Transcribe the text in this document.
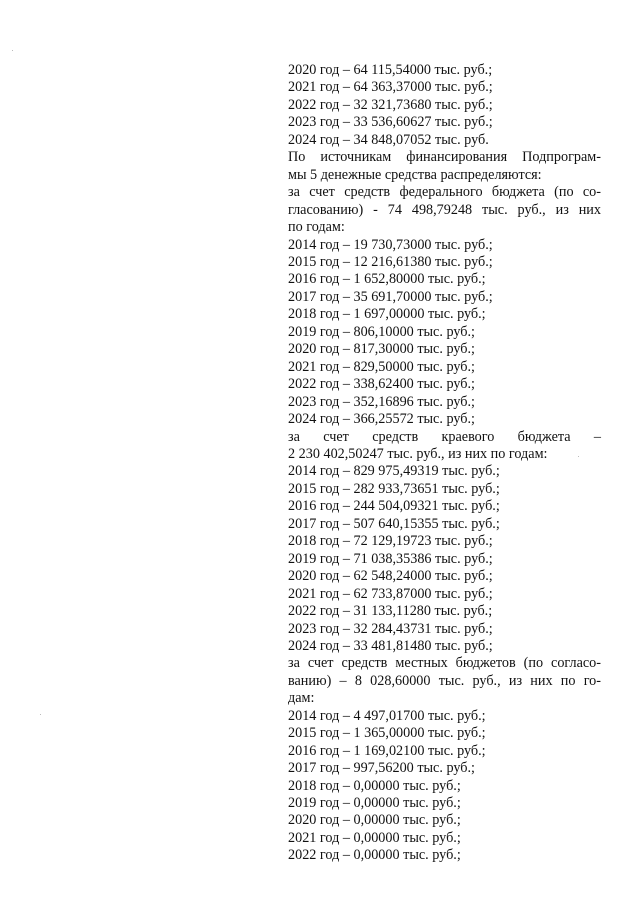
2020 год – 64 115,54000 тыс. руб.;
2021 год – 64 363,37000 тыс. руб.;
2022 год – 32 321,73680 тыс. руб.;
2023 год – 33 536,60627 тыс. руб.;
2024 год – 34 848,07052 тыс. руб.
По источникам финансирования Подпрограм-
мы 5 денежные средства распределяются:
за счет средств федерального бюджета (по со-
гласованию) - 74 498,79248 тыс. руб., из них
по годам:
2014 год – 19 730,73000 тыс. руб.;
2015 год – 12 216,61380 тыс. руб.;
2016 год – 1 652,80000 тыс. руб.;
2017 год – 35 691,70000 тыс. руб.;
2018 год – 1 697,00000 тыс. руб.;
2019 год – 806,10000 тыс. руб.;
2020 год – 817,30000 тыс. руб.;
2021 год – 829,50000 тыс. руб.;
2022 год – 338,62400 тыс. руб.;
2023 год – 352,16896 тыс. руб.;
2024 год – 366,25572 тыс. руб.;
за счет средств краевого бюджета –
2 230 402,50247 тыс. руб., из них по годам:
2014 год – 829 975,49319 тыс. руб.;
2015 год – 282 933,73651 тыс. руб.;
2016 год – 244 504,09321 тыс. руб.;
2017 год – 507 640,15355 тыс. руб.;
2018 год – 72 129,19723 тыс. руб.;
2019 год – 71 038,35386 тыс. руб.;
2020 год – 62 548,24000 тыс. руб.;
2021 год – 62 733,87000 тыс. руб.;
2022 год – 31 133,11280 тыс. руб.;
2023 год – 32 284,43731 тыс. руб.;
2024 год – 33 481,81480 тыс. руб.;
за счет средств местных бюджетов (по согласо-
ванию) – 8 028,60000 тыс. руб., из них по го-
дам:
2014 год – 4 497,01700 тыс. руб.;
2015 год – 1 365,00000 тыс. руб.;
2016 год – 1 169,02100 тыс. руб.;
2017 год – 997,56200 тыс. руб.;
2018 год – 0,00000 тыс. руб.;
2019 год – 0,00000 тыс. руб.;
2020 год – 0,00000 тыс. руб.;
2021 год – 0,00000 тыс. руб.;
2022 год – 0,00000 тыс. руб.;
